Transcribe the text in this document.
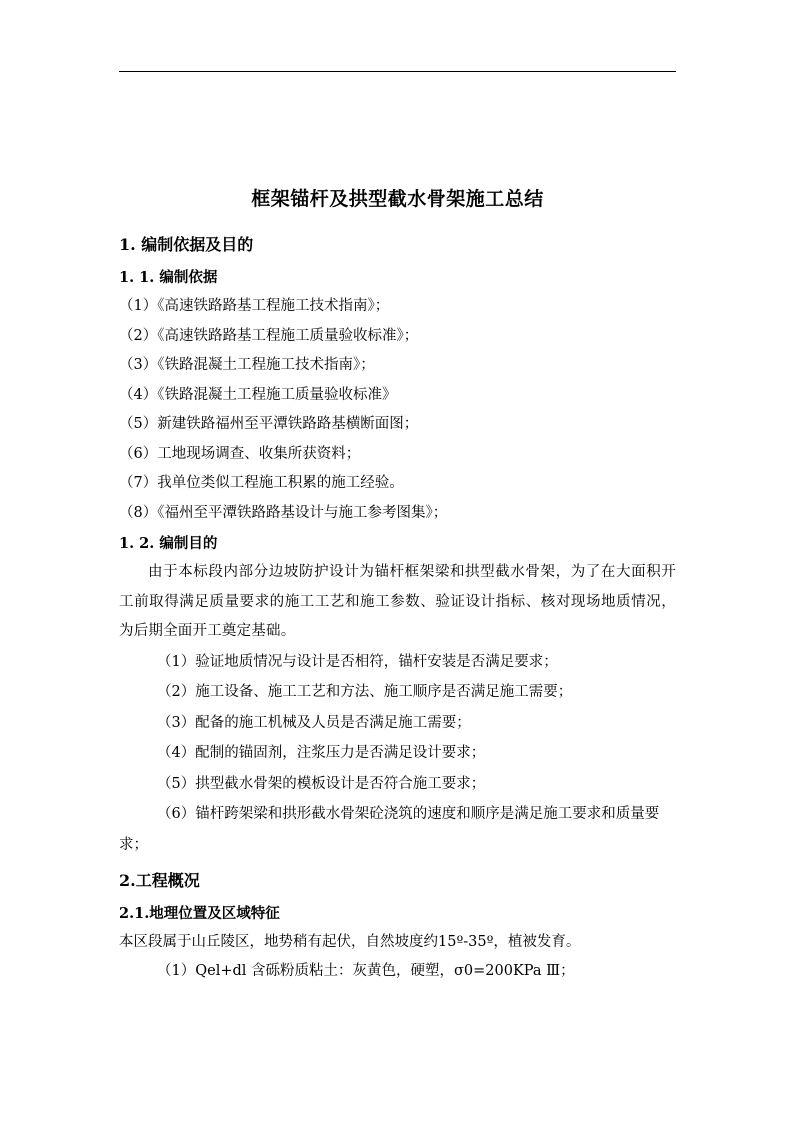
框架锚杆及拱型截水骨架施工总结
1. 编制依据及目的
1. 1. 编制依据
（1）《高速铁路路基工程施工技术指南》；
（2）《高速铁路路基工程施工质量验收标准》；
（3）《铁路混凝土工程施工技术指南》；
（4）《铁路混凝土工程施工质量验收标准》
（5）新建铁路福州至平潭铁路路基横断面图；
（6）工地现场调查、收集所获资料；
（7）我单位类似工程施工积累的施工经验。
（8）《福州至平潭铁路路基设计与施工参考图集》；
1. 2. 编制目的

由于本标段内部分边坡防护设计为锚杆框架梁和拱型截水骨架，为了在大面积开工前取得满足质量要求的施工工艺和施工参数、验证设计指标、核对现场地质情况，为后期全面开工奠定基础。

（1）验证地质情况与设计是否相符，锚杆安装是否满足要求；
（2）施工设备、施工工艺和方法、施工顺序是否满足施工需要；
（3）配备的施工机械及人员是否满足施工需要；
（4）配制的锚固剂，注浆压力是否满足设计要求；
（5）拱型截水骨架的模板设计是否符合施工要求；
（6）锚杆跨架梁和拱形截水骨架砼浇筑的速度和顺序是满足施工要求和质量要求；
2.工程概况
2.1.地理位置及区域特征

本区段属于山丘陵区，地势稍有起伏，自然坡度约15º-35º，植被发育。

（1）Qel+dl 含砾粉质粘土：灰黄色，硬塑，σ0=200KPa Ⅲ；
